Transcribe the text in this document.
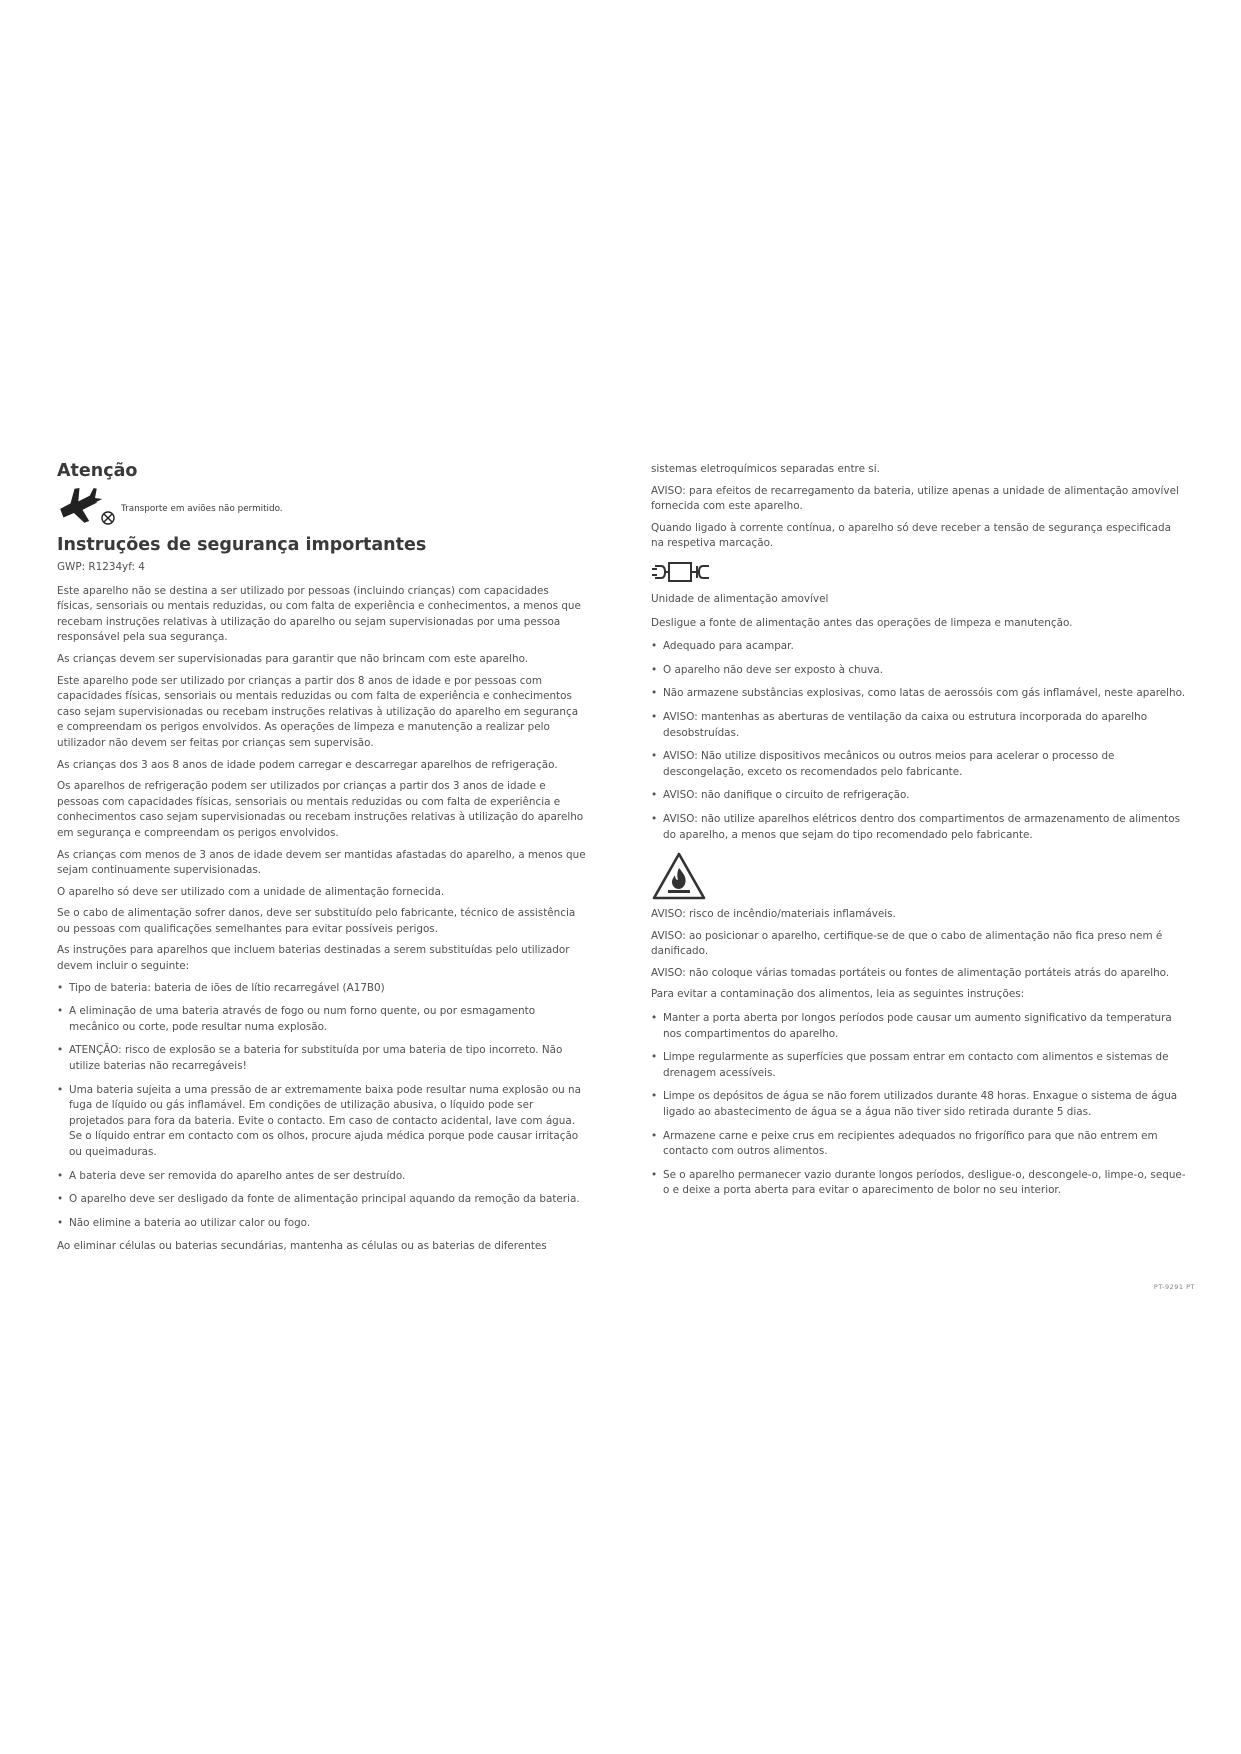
Atenção
Transporte em aviões não permitido.
Instruções de segurança importantes

GWP: R1234yf: 4

Este aparelho não se destina a ser utilizado por pessoas (incluindo crianças) com capacidades físicas, sensoriais ou mentais reduzidas, ou com falta de experiência e conhecimentos, a menos que recebam instruções relativas à utilização do aparelho ou sejam supervisionadas por uma pessoa responsável pela sua segurança.

As crianças devem ser supervisionadas para garantir que não brincam com este aparelho.

Este aparelho pode ser utilizado por crianças a partir dos 8 anos de idade e por pessoas com capacidades físicas, sensoriais ou mentais reduzidas ou com falta de experiência e conhecimentos caso sejam supervisionadas ou recebam instruções relativas à utilização do aparelho em segurança e compreendam os perigos envolvidos. As operações de limpeza e manutenção a realizar pelo utilizador não devem ser feitas por crianças sem supervisão.

As crianças dos 3 aos 8 anos de idade podem carregar e descarregar aparelhos de refrigeração.

Os aparelhos de refrigeração podem ser utilizados por crianças a partir dos 3 anos de idade e pessoas com capacidades físicas, sensoriais ou mentais reduzidas ou com falta de experiência e conhecimentos caso sejam supervisionadas ou recebam instruções relativas à utilização do aparelho em segurança e compreendam os perigos envolvidos.

As crianças com menos de 3 anos de idade devem ser mantidas afastadas do aparelho, a menos que sejam continuamente supervisionadas.

O aparelho só deve ser utilizado com a unidade de alimentação fornecida.

Se o cabo de alimentação sofrer danos, deve ser substituído pelo fabricante, técnico de assistência ou pessoas com qualificações semelhantes para evitar possíveis perigos.

As instruções para aparelhos que incluem baterias destinadas a serem substituídas pelo utilizador devem incluir o seguinte:

• Tipo de bateria: bateria de iões de lítio recarregável (A17B0)
• A eliminação de uma bateria através de fogo ou num forno quente, ou por esmagamento mecânico ou corte, pode resultar numa explosão.
• ATENÇÃO: risco de explosão se a bateria for substituída por uma bateria de tipo incorreto. Não utilize baterias não recarregáveis!
• Uma bateria sujeita a uma pressão de ar extremamente baixa pode resultar numa explosão ou na fuga de líquido ou gás inflamável. Em condições de utilização abusiva, o líquido pode ser projetados para fora da bateria. Evite o contacto. Em caso de contacto acidental, lave com água. Se o líquido entrar em contacto com os olhos, procure ajuda médica porque pode causar irritação ou queimaduras.
• A bateria deve ser removida do aparelho antes de ser destruído.
• O aparelho deve ser desligado da fonte de alimentação principal aquando da remoção da bateria.
• Não elimine a bateria ao utilizar calor ou fogo.

Ao eliminar células ou baterias secundárias, mantenha as células ou as baterias de diferentes

sistemas eletroquímicos separadas entre si.

AVISO: para efeitos de recarregamento da bateria, utilize apenas a unidade de alimentação amovível fornecida com este aparelho.

Quando ligado à corrente contínua, o aparelho só deve receber a tensão de segurança especificada na respetiva marcação.

Unidade de alimentação amovível

Desligue a fonte de alimentação antes das operações de limpeza e manutenção.

• Adequado para acampar.
• O aparelho não deve ser exposto à chuva.
• Não armazene substâncias explosivas, como latas de aerossóis com gás inflamável, neste aparelho.
• AVISO: mantenhas as aberturas de ventilação da caixa ou estrutura incorporada do aparelho desobstruídas.
• AVISO: Não utilize dispositivos mecânicos ou outros meios para acelerar o processo de descongelação, exceto os recomendados pelo fabricante.
• AVISO: não danifique o circuito de refrigeração.
• AVISO: não utilize aparelhos elétricos dentro dos compartimentos de armazenamento de alimentos do aparelho, a menos que sejam do tipo recomendado pelo fabricante.

AVISO: risco de incêndio/materiais inflamáveis.

AVISO: ao posicionar o aparelho, certifique-se de que o cabo de alimentação não fica preso nem é danificado.

AVISO: não coloque várias tomadas portáteis ou fontes de alimentação portáteis atrás do aparelho.

Para evitar a contaminação dos alimentos, leia as seguintes instruções:

• Manter a porta aberta por longos períodos pode causar um aumento significativo da temperatura nos compartimentos do aparelho.
• Limpe regularmente as superfícies que possam entrar em contacto com alimentos e sistemas de drenagem acessíveis.
• Limpe os depósitos de água se não forem utilizados durante 48 horas. Enxague o sistema de água ligado ao abastecimento de água se a água não tiver sido retirada durante 5 dias.
• Armazene carne e peixe crus em recipientes adequados no frigorífico para que não entrem em contacto com outros alimentos.
• Se o aparelho permanecer vazio durante longos períodos, desligue-o, descongele-o, limpe-o, seque-o e deixe a porta aberta para evitar o aparecimento de bolor no seu interior.
PT-9291 PT
